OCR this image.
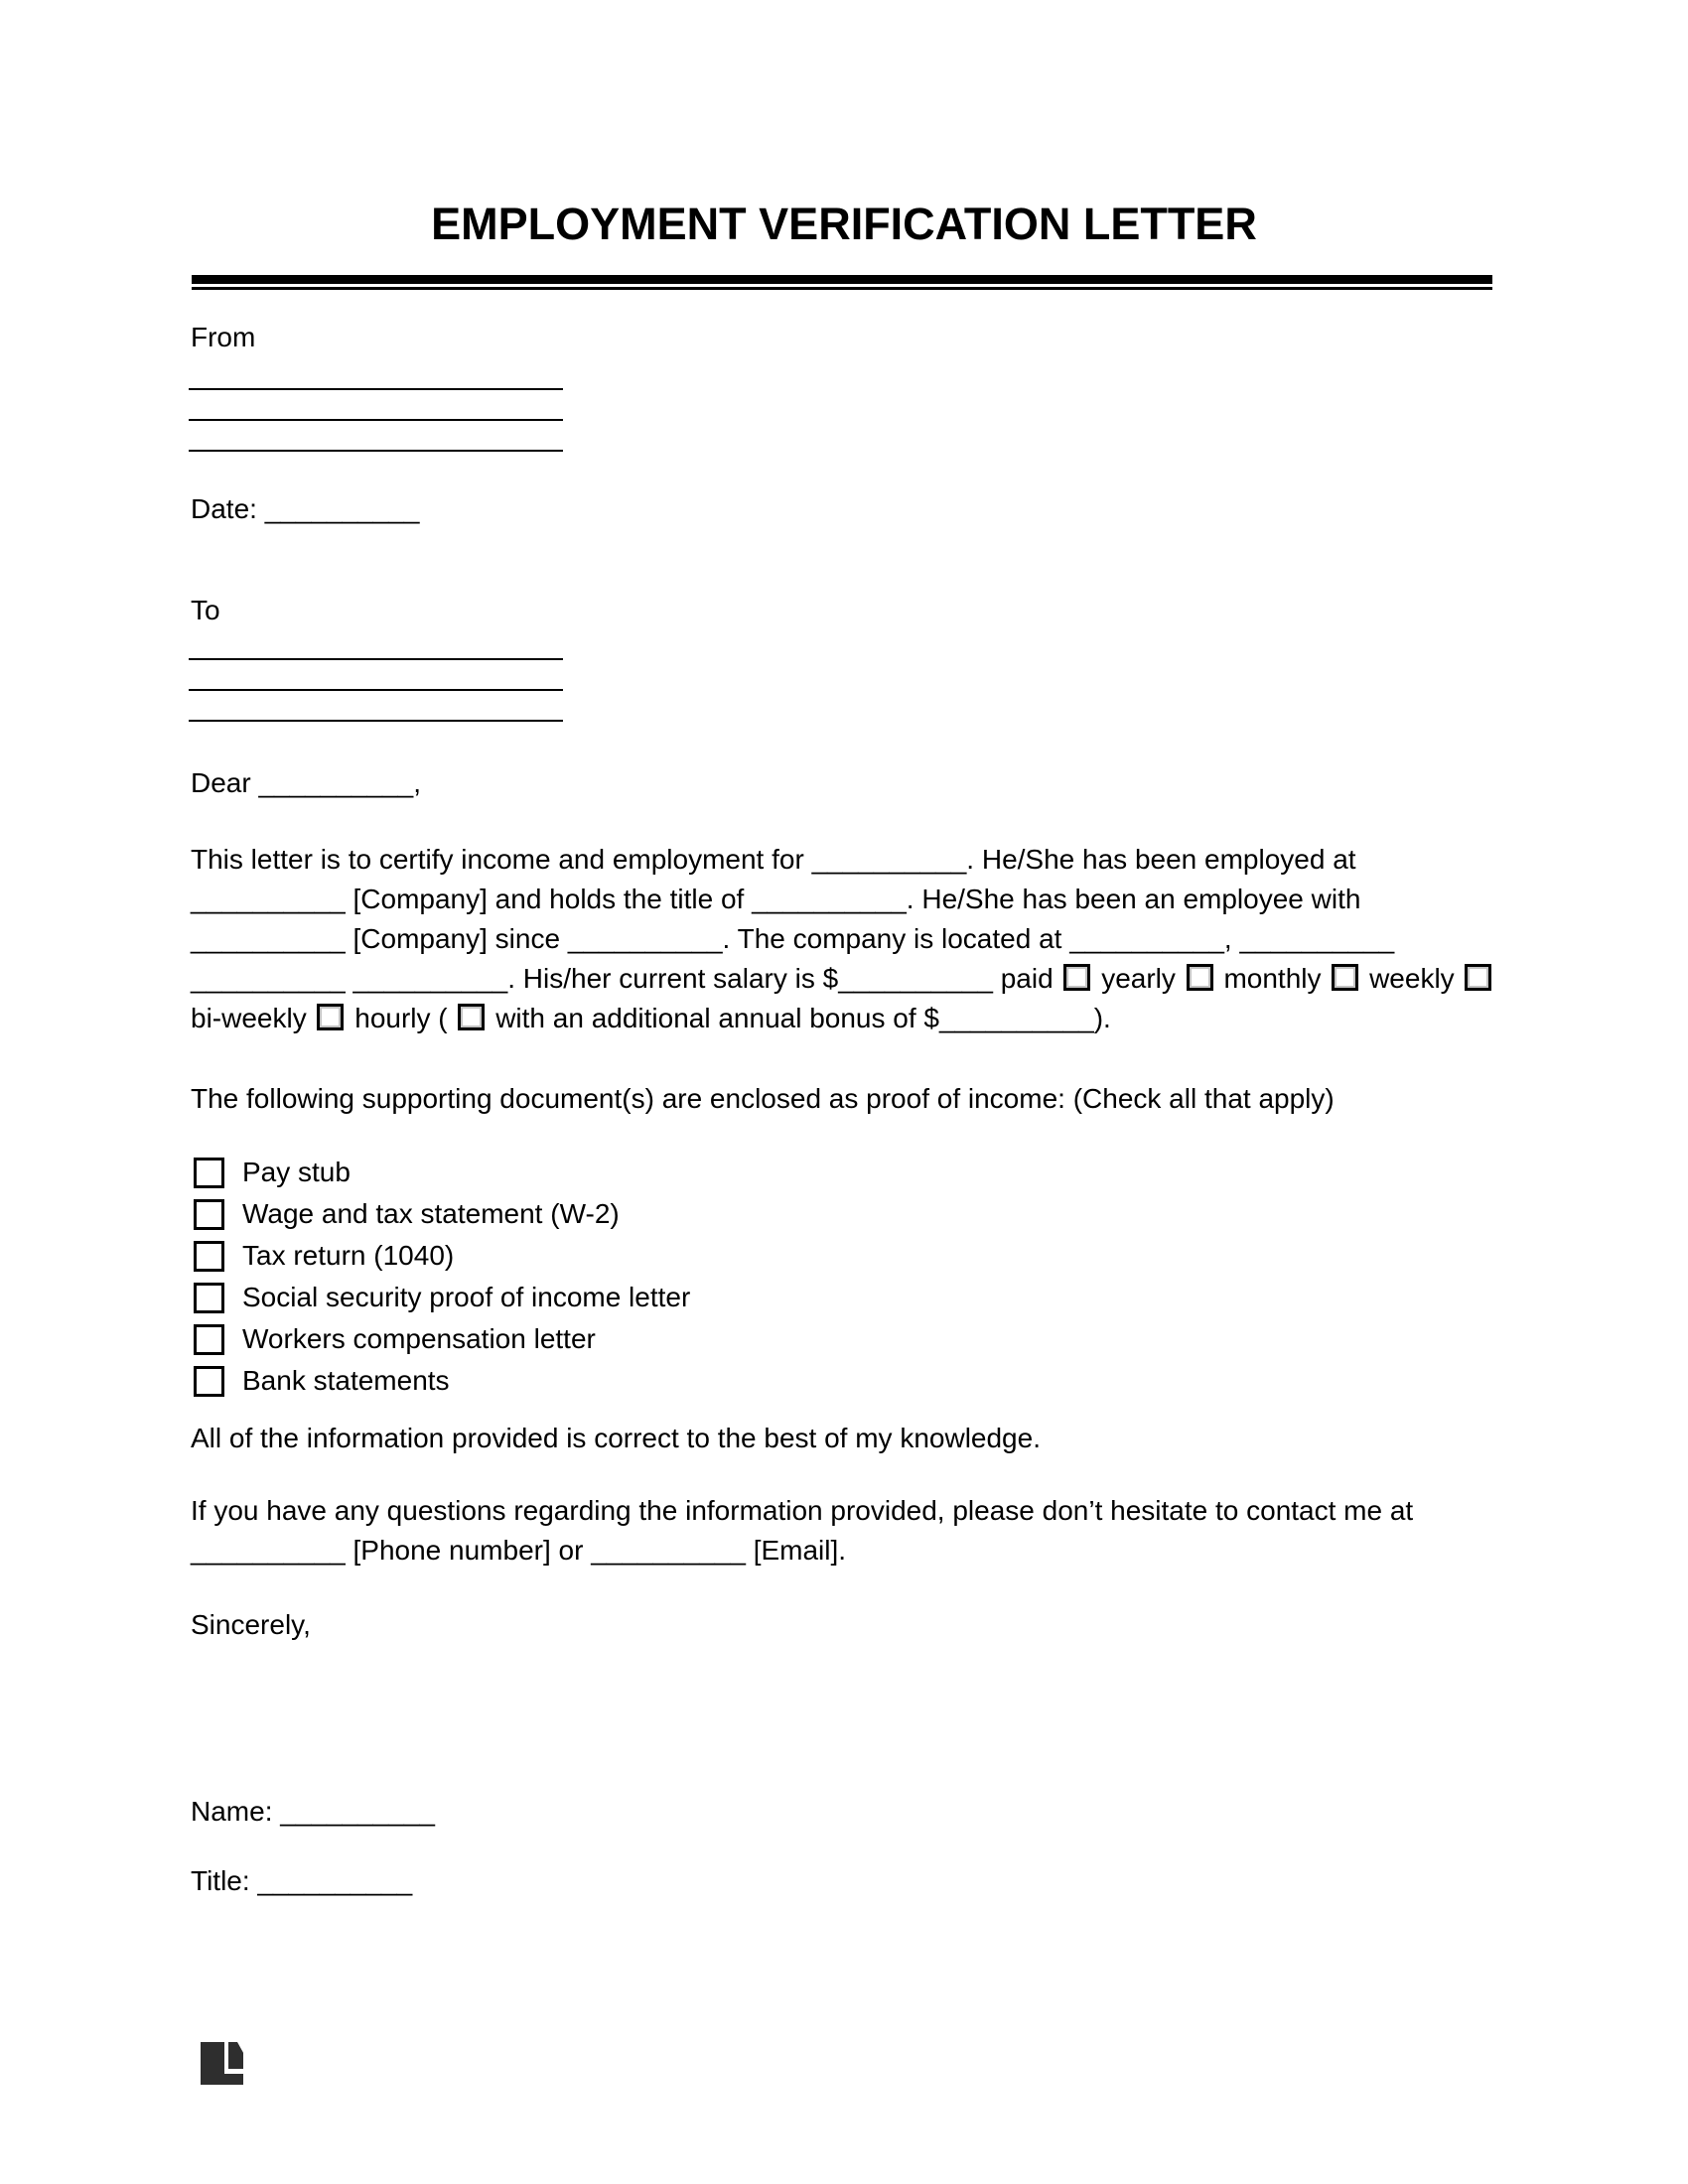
EMPLOYMENT VERIFICATION LETTER
From
Date: __________
To
Dear __________,

This letter is to certify income and employment for __________. He/She has been employed at __________ [Company] and holds the title of __________. He/She has been an employee with __________ [Company] since __________. The company is located at __________, __________ __________ __________. His/her current salary is $__________ paid  yearly  monthly  weekly  bi-weekly  hourly (  with an additional annual bonus of $__________).

The following supporting document(s) are enclosed as proof of income: (Check all that apply)
Pay stub
Wage and tax statement (W-2)
Tax return (1040)
Social security proof of income letter
Workers compensation letter
Bank statements
All of the information provided is correct to the best of my knowledge.

If you have any questions regarding the information provided, please don’t hesitate to contact me at __________ [Phone number] or __________ [Email].

Sincerely,
Name: __________
Title: __________
